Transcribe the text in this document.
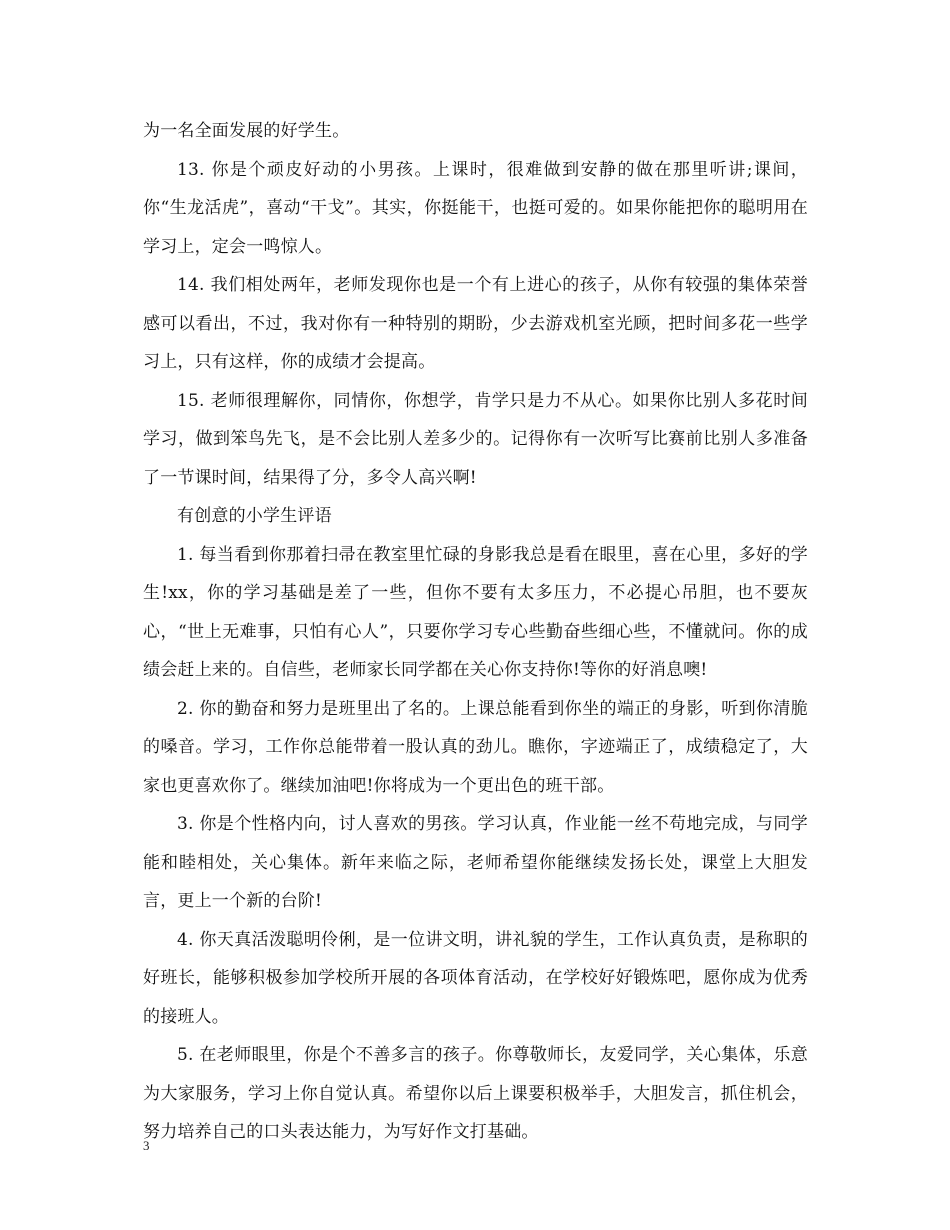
为一名全面发展的好学生。

13. 你是个顽皮好动的小男孩。上课时，很难做到安静的做在那里听讲;课间，你“生龙活虎”，喜动“干戈”。其实，你挺能干，也挺可爱的。如果你能把你的聪明用在学习上，定会一鸣惊人。

14. 我们相处两年，老师发现你也是一个有上进心的孩子，从你有较强的集体荣誉感可以看出，不过，我对你有一种特别的期盼，少去游戏机室光顾，把时间多花一些学习上，只有这样，你的成绩才会提高。

15. 老师很理解你，同情你，你想学，肯学只是力不从心。如果你比别人多花时间学习，做到笨鸟先飞，是不会比别人差多少的。记得你有一次听写比赛前比别人多准备了一节课时间，结果得了分，多令人高兴啊!

有创意的小学生评语

1. 每当看到你那着扫帚在教室里忙碌的身影我总是看在眼里，喜在心里，多好的学生!xx，你的学习基础是差了一些，但你不要有太多压力，不必提心吊胆，也不要灰心，“世上无难事，只怕有心人”，只要你学习专心些勤奋些细心些，不懂就问。你的成绩会赶上来的。自信些，老师家长同学都在关心你支持你!等你的好消息噢!

2. 你的勤奋和努力是班里出了名的。上课总能看到你坐的端正的身影，听到你清脆的嗓音。学习，工作你总能带着一股认真的劲儿。瞧你，字迹端正了，成绩稳定了，大家也更喜欢你了。继续加油吧!你将成为一个更出色的班干部。

3. 你是个性格内向，讨人喜欢的男孩。学习认真，作业能一丝不苟地完成，与同学能和睦相处，关心集体。新年来临之际，老师希望你能继续发扬长处，课堂上大胆发言，更上一个新的台阶!

4. 你天真活泼聪明伶俐，是一位讲文明，讲礼貌的学生，工作认真负责，是称职的好班长，能够积极参加学校所开展的各项体育活动，在学校好好锻炼吧，愿你成为优秀的接班人。

5. 在老师眼里，你是个不善多言的孩子。你尊敬师长，友爱同学，关心集体，乐意为大家服务，学习上你自觉认真。希望你以后上课要积极举手，大胆发言，抓住机会，努力培养自己的口头表达能力，为写好作文打基础。

3
